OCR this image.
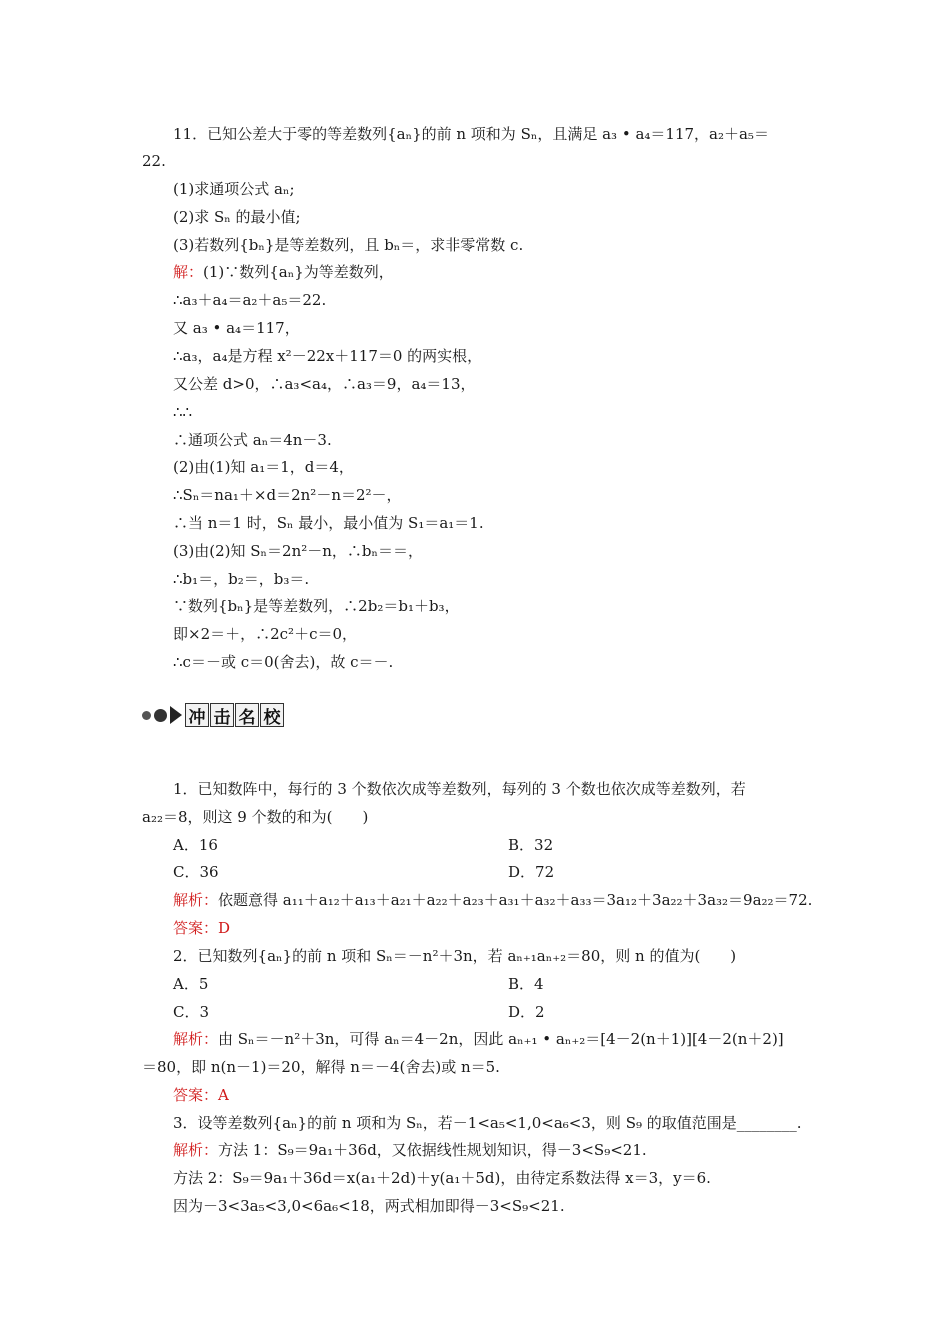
11．已知公差大于零的等差数列{aₙ}的前 n 项和为 Sₙ，且满足 a₃ • a₄＝117，a₂＋a₅＝
22.
(1)求通项公式 aₙ;
(2)求 Sₙ 的最小值;
(3)若数列{bₙ}是等差数列，且 bₙ＝，求非零常数 c.
解：(1)∵数列{aₙ}为等差数列，
∴a₃＋a₄＝a₂＋a₅＝22.
又 a₃ • a₄＝117，
∴a₃，a₄是方程 x²－22x＋117＝0 的两实根，
又公差 d>0，∴a₃<a₄，∴a₃＝9，a₄＝13，
∴∴
∴通项公式 aₙ＝4n－3.
(2)由(1)知 a₁＝1，d＝4，
∴Sₙ＝na₁＋×d＝2n²－n＝2²－，
∴当 n＝1 时，Sₙ 最小，最小值为 S₁＝a₁＝1.
(3)由(2)知 Sₙ＝2n²－n，∴bₙ＝＝，
∴b₁＝，b₂＝，b₃＝.
∵数列{bₙ}是等差数列，∴2b₂＝b₁＋b₃，
即×2＝＋，∴2c²＋c＝0，
∴c＝－或 c＝0(舍去)，故 c＝－.
冲 击 名 校
1．已知数阵中，每行的 3 个数依次成等差数列，每列的 3 个数也依次成等差数列，若
a₂₂＝8，则这 9 个数的和为(　　)
A．16	B．32
C．36	D．72
解析：依题意得 a₁₁＋a₁₂＋a₁₃＋a₂₁＋a₂₂＋a₂₃＋a₃₁＋a₃₂＋a₃₃＝3a₁₂＋3a₂₂＋3a₃₂＝9a₂₂＝72.
答案：D
2．已知数列{aₙ}的前 n 项和 Sₙ＝－n²＋3n，若 aₙ₊₁aₙ₊₂＝80，则 n 的值为(　　)
A．5	B．4
C．3	D．2
解析：由 Sₙ＝－n²＋3n，可得 aₙ＝4－2n，因此 aₙ₊₁ • aₙ₊₂＝[4－2(n＋1)][4－2(n＋2)]
＝80，即 n(n－1)＝20，解得 n＝－4(舍去)或 n＝5.
答案：A
3．设等差数列{aₙ}的前 n 项和为 Sₙ，若－1<a₅<1,0<a₆<3，则 S₉ 的取值范围是________.
解析：方法 1：S₉＝9a₁＋36d，又依据线性规划知识，得－3<S₉<21.
方法 2：S₉＝9a₁＋36d＝x(a₁＋2d)＋y(a₁＋5d)，由待定系数法得 x＝3，y＝6.
因为－3<3a₅<3,0<6a₆<18，两式相加即得－3<S₉<21.
